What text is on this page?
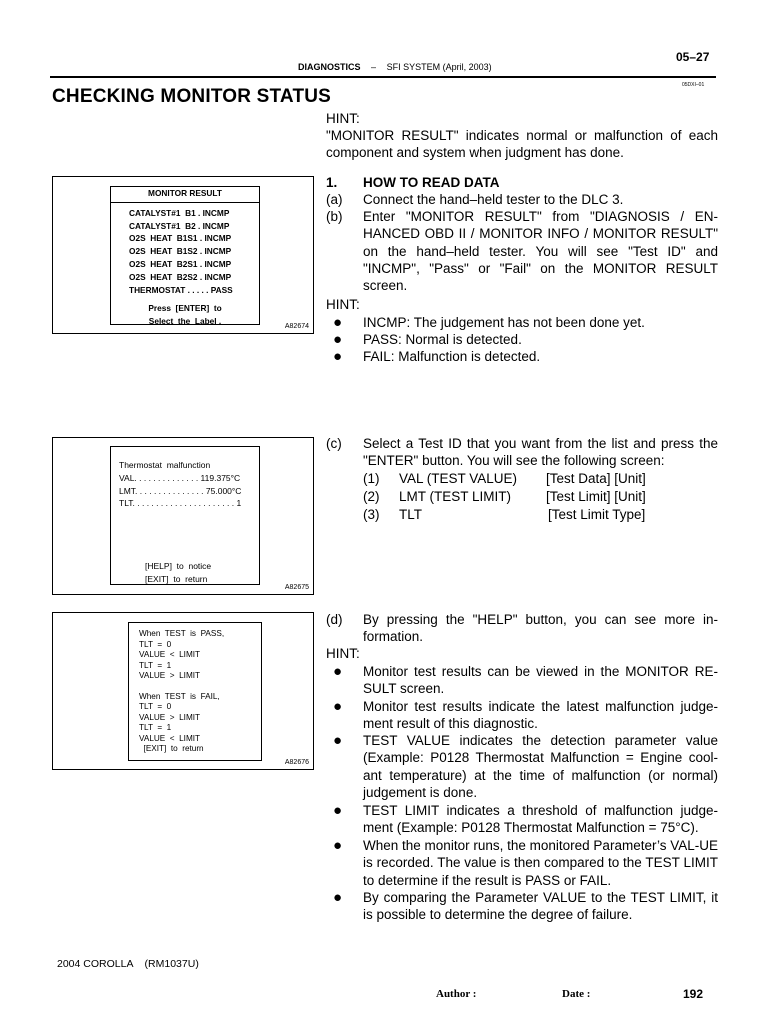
05–27
DIAGNOSTICS – SFI SYSTEM (April, 2003)
05DXI–01
CHECKING MONITOR STATUS
HINT:
"MONITOR RESULT" indicates normal or malfunction of each component and system when judgment has done.
1. HOW TO READ DATA
(a) Connect the hand–held tester to the DLC 3.
(b) Enter "MONITOR RESULT" from "DIAGNOSIS / EN-HANCED OBD II / MONITOR INFO / MONITOR RESULT" on the hand–held tester. You will see "Test ID" and "INCMP", "Pass" or "Fail" on the MONITOR RESULT screen.
HINT:
● INCMP: The judgement has not been done yet.
● PASS: Normal is detected.
● FAIL: Malfunction is detected.
(c) Select a Test ID that you want from the list and press the "ENTER" button. You will see the following screen:
(1) VAL (TEST VALUE) [Test Data] [Unit]
(2) LMT (TEST LIMIT)	[Test Limit] [Unit]
(3) TLT	[Test Limit Type]
(d) By pressing the "HELP" button, you can see more in-formation.
HINT:
● Monitor test results can be viewed in the MONITOR RE-SULT screen.
● Monitor test results indicate the latest malfunction judge-ment result of this diagnostic.
● TEST VALUE indicates the detection parameter value (Example: P0128 Thermostat Malfunction = Engine cool-ant temperature) at the time of malfunction (or normal) judgement is done.
● TEST LIMIT indicates a threshold of malfunction judge-ment (Example: P0128 Thermostat Malfunction = 75°C).
● When the monitor runs, the monitored Parameter’s VAL-UE is recorded. The value is then compared to the TEST LIMIT to determine if the result is PASS or FAIL.
● By comparing the Parameter VALUE to the TEST LIMIT, it is possible to determine the degree of failure.
MONITOR RESULT
CATALYST#1  B1 . INCMP
CATALYST#1  B2 . INCMP
O2S  HEAT  B1S1 . INCMP
O2S  HEAT  B1S2 . INCMP
O2S  HEAT  B2S1 . INCMP
O2S  HEAT  B2S2 . INCMP
THERMOSTAT . . . . . PASS
Press  [ENTER]  to
Select  the  Label .
A82674
Thermostat  malfunction
VAL. . . . . . . . . . . . . . 119.375°C
LMT. . . . . . . . . . . . . . . 75.000°C
TLT. . . . . . . . . . . . . . . . . . . . . . 1
[HELP]  to  notice
[EXIT]  to  return
A82675
When  TEST  is  PASS,
TLT  =  0
VALUE  <  LIMIT
TLT  =  1
VALUE  >  LIMIT
When  TEST  is  FAIL,
TLT  =  0
VALUE  >  LIMIT
TLT  =  1
VALUE  <  LIMIT
[EXIT]  to  return
A82676
2004 COROLLA    (RM1037U)
Author :	Date :	192
